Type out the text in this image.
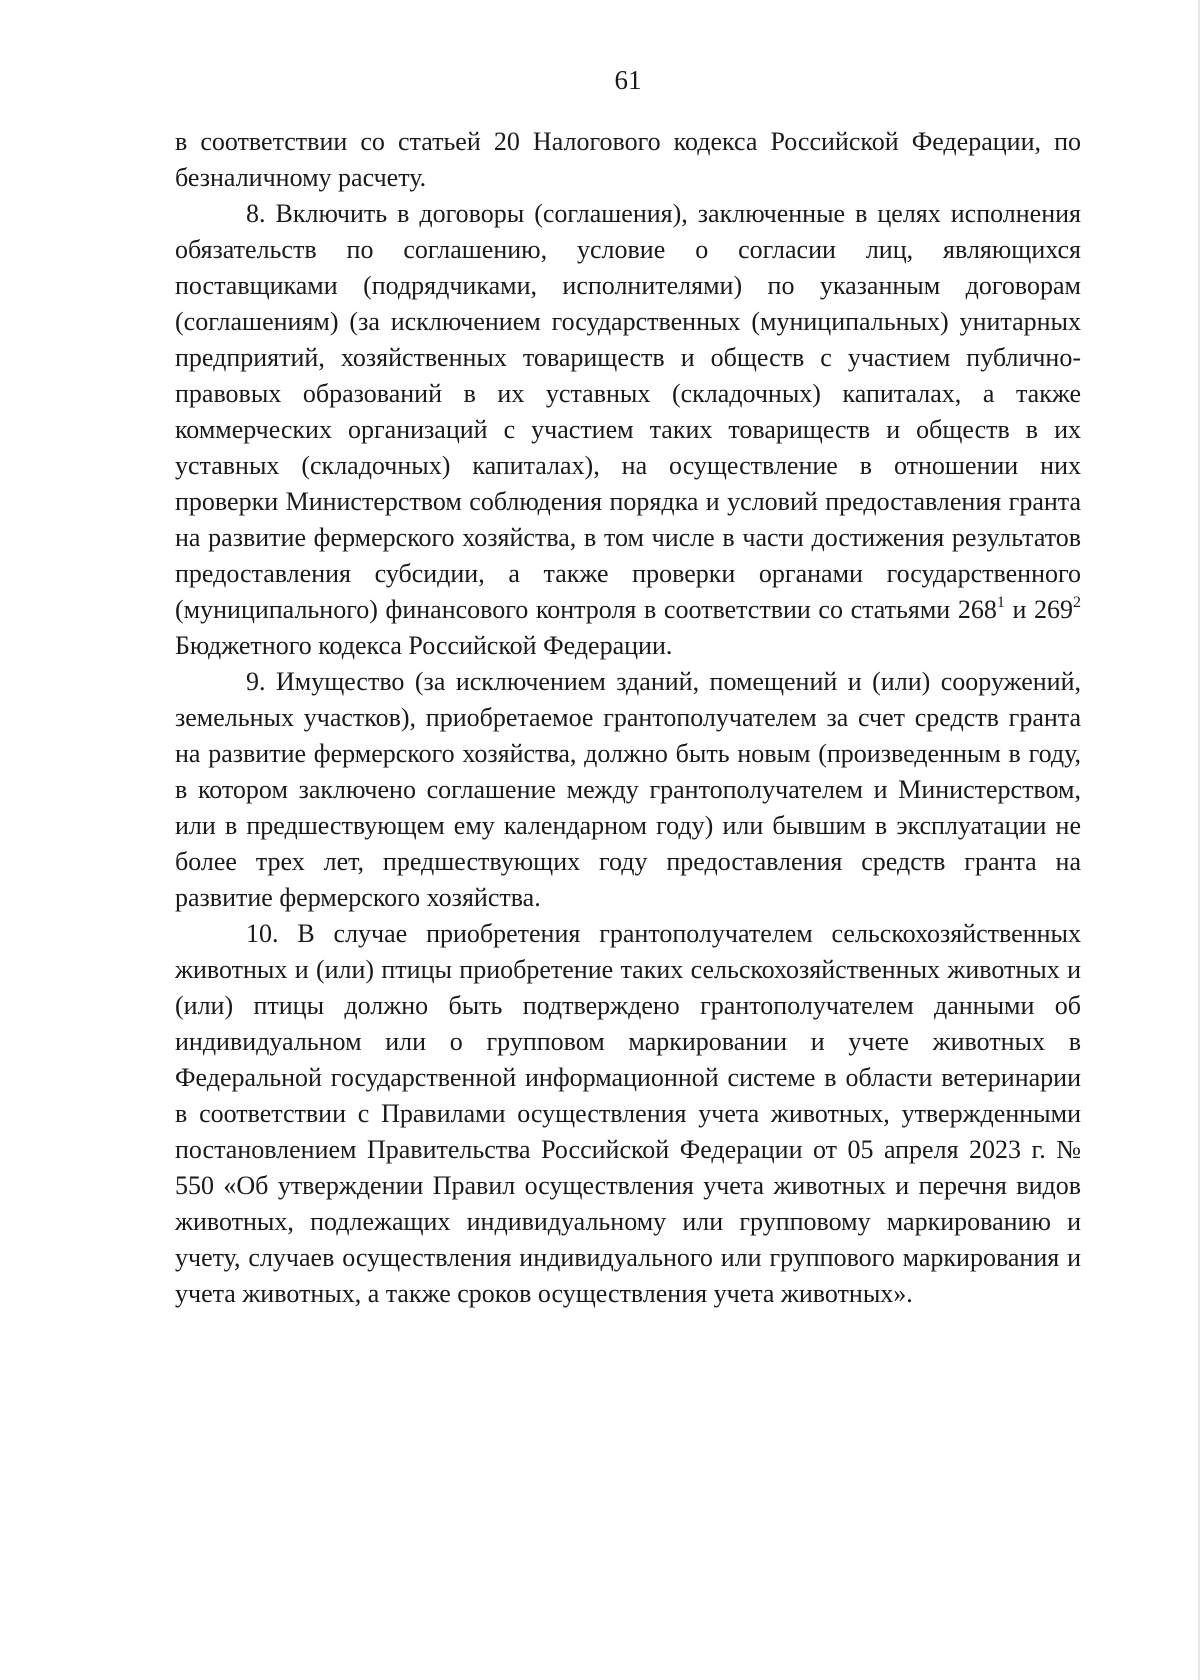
61

в соответствии со статьей 20 Налогового кодекса Российской Федерации, по безналичному расчету.

8. Включить в договоры (соглашения), заключенные в целях исполнения обязательств по соглашению, условие о согласии лиц, являющихся поставщиками (подрядчиками, исполнителями) по указанным договорам (соглашениям) (за исключением государственных (муниципальных) унитарных предприятий, хозяйственных товариществ и обществ с участием публично-правовых образований в их уставных (складочных) капиталах, а также коммерческих организаций с участием таких товариществ и обществ в их уставных (складочных) капиталах), на осуществление в отношении них проверки Министерством соблюдения порядка и условий предоставления гранта на развитие фермерского хозяйства, в том числе в части достижения результатов предоставления субсидии, а также проверки органами государственного (муниципального) финансового контроля в соответствии со статьями $268^1$ и $269^2$ Бюджетного кодекса Российской Федерации.

9. Имущество (за исключением зданий, помещений и (или) сооружений, земельных участков), приобретаемое грантополучателем за счет средств гранта на развитие фермерского хозяйства, должно быть новым (произведенным в году, в котором заключено соглашение между грантополучателем и Министерством, или в предшествующем ему календарном году) или бывшим в эксплуатации не более трех лет, предшествующих году предоставления средств гранта на развитие фермерского хозяйства.

10. В случае приобретения грантополучателем сельскохозяйственных животных и (или) птицы приобретение таких сельскохозяйственных животных и (или) птицы должно быть подтверждено грантополучателем данными об индивидуальном или о групповом маркировании и учете животных в Федеральной государственной информационной системе в области ветеринарии в соответствии с Правилами осуществления учета животных, утвержденными постановлением Правительства Российской Федерации от 05 апреля 2023 г. № 550 «Об утверждении Правил осуществления учета животных и перечня видов животных, подлежащих индивидуальному или групповому маркированию и учету, случаев осуществления индивидуального или группового маркирования и учета животных, а также сроков осуществления учета животных».
